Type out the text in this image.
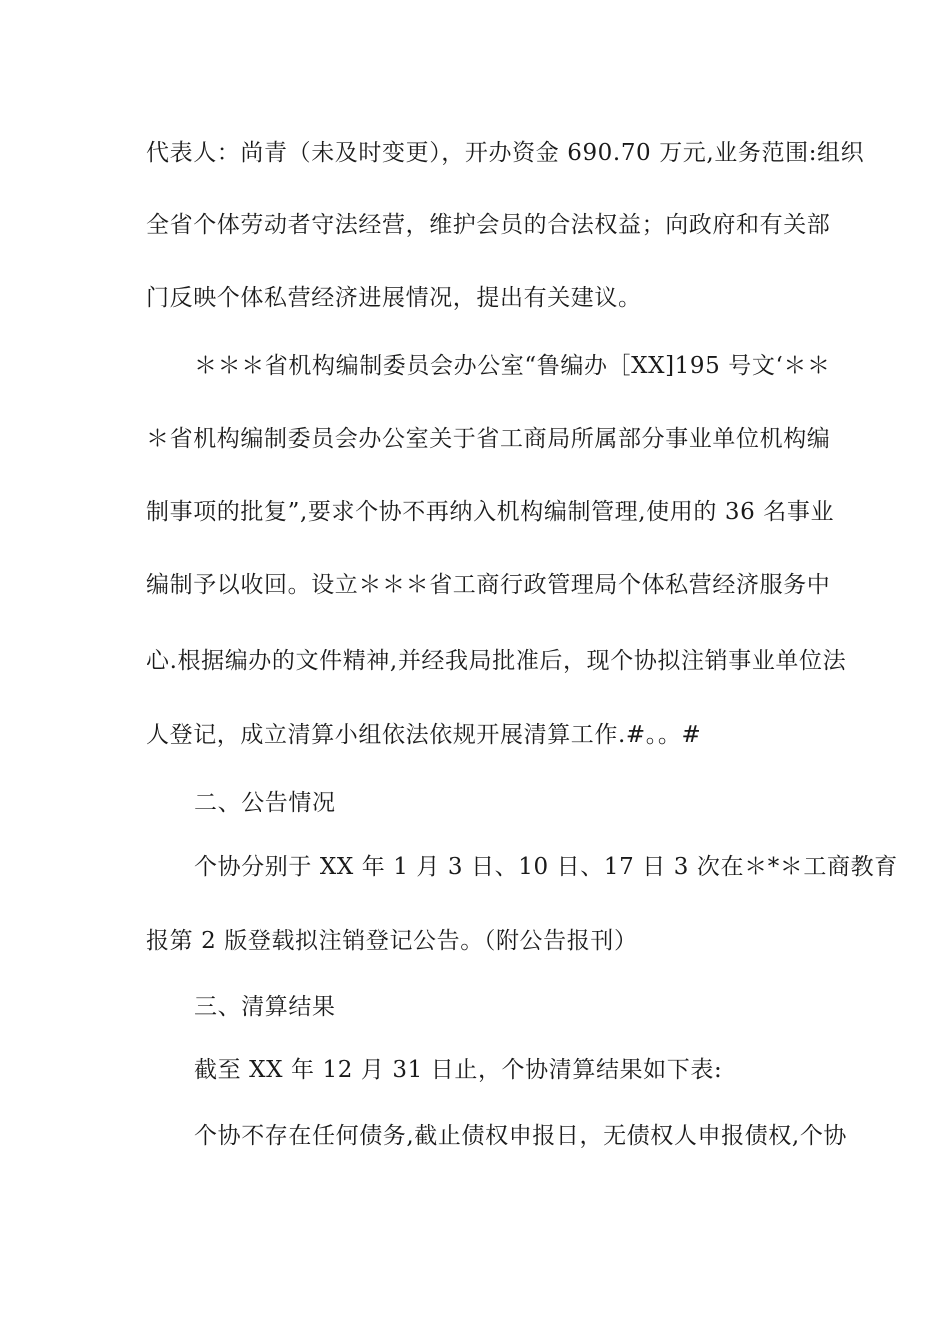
代表人：尚青（未及时变更），开办资金 690.70 万元,业务范围:组织
全省个体劳动者守法经营，维护会员的合法权益；向政府和有关部
门反映个体私营经济进展情况，提出有关建议。
＊＊＊省机构编制委员会办公室“鲁编办［XX]195 号文‘＊＊
＊省机构编制委员会办公室关于省工商局所属部分事业单位机构编
制事项的批复”,要求个协不再纳入机构编制管理,使用的 36 名事业
编制予以收回。设立＊＊＊省工商行政管理局个体私营经济服务中
心.根据编办的文件精神,并经我局批准后，现个协拟注销事业单位法
人登记，成立清算小组依法依规开展清算工作.#。。#
二、公告情况
个协分别于 XX 年 1 月 3 日、10 日、17 日 3 次在＊*＊工商教育
报第 2 版登载拟注销登记公告。（附公告报刊）
三、清算结果
截至 XX 年 12 月 31 日止，个协清算结果如下表:
个协不存在任何债务,截止债权申报日，无债权人申报债权,个协
